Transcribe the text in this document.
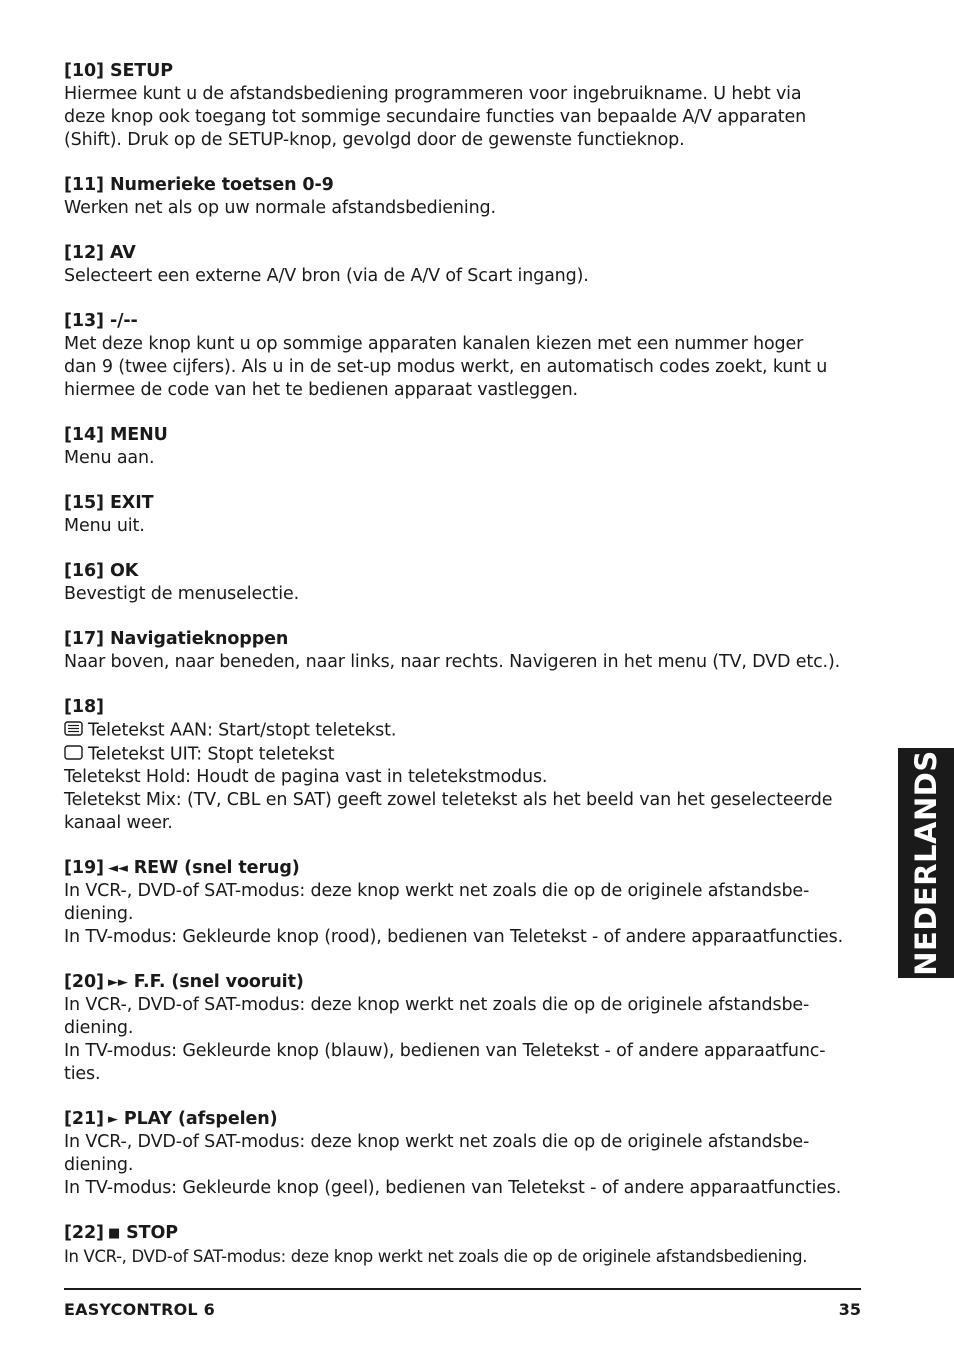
[10] SETUP
Hiermee kunt u de afstandsbediening programmeren voor ingebruikname. U hebt via
deze knop ook toegang tot sommige secundaire functies van bepaalde A/V apparaten
(Shift). Druk op de SETUP-knop, gevolgd door de gewenste functieknop.
[11] Numerieke toetsen 0-9
Werken net als op uw normale afstandsbediening.
[12] AV
Selecteert een externe A/V bron (via de A/V of Scart ingang).
[13] -/--
Met deze knop kunt u op sommige apparaten kanalen kiezen met een nummer hoger
dan 9 (twee cijfers). Als u in de set-up modus werkt, en automatisch codes zoekt, kunt u
hiermee de code van het te bedienen apparaat vastleggen.
[14] MENU
Menu aan.
[15] EXIT
Menu uit.
[16] OK
Bevestigt de menuselectie.
[17] Navigatieknoppen
Naar boven, naar beneden, naar links, naar rechts. Navigeren in het menu (TV, DVD etc.).
[18]
Teletekst AAN: Start/stopt teletekst.
Teletekst UIT: Stopt teletekst
Teletekst Hold: Houdt de pagina vast in teletekstmodus.
Teletekst Mix: (TV, CBL en SAT) geeft zowel teletekst als het beeld van het geselecteerde
kanaal weer.
[19] ◄◄ REW (snel terug)
In VCR-, DVD-of SAT-modus: deze knop werkt net zoals die op de originele afstandsbe-
diening.
In TV-modus: Gekleurde knop (rood), bedienen van Teletekst - of andere apparaatfuncties.
[20] ►► F.F. (snel vooruit)
In VCR-, DVD-of SAT-modus: deze knop werkt net zoals die op de originele afstandsbe-
diening.
In TV-modus: Gekleurde knop (blauw), bedienen van Teletekst - of andere apparaatfunc-
ties.
[21] ► PLAY (afspelen)
In VCR-, DVD-of SAT-modus: deze knop werkt net zoals die op de originele afstandsbe-
diening.
In TV-modus: Gekleurde knop (geel), bedienen van Teletekst - of andere apparaatfuncties.
[22] ■ STOP
In VCR-, DVD-of SAT-modus: deze knop werkt net zoals die op de originele afstandsbediening.
NEDERLANDS
EASYCONTROL 6	35
